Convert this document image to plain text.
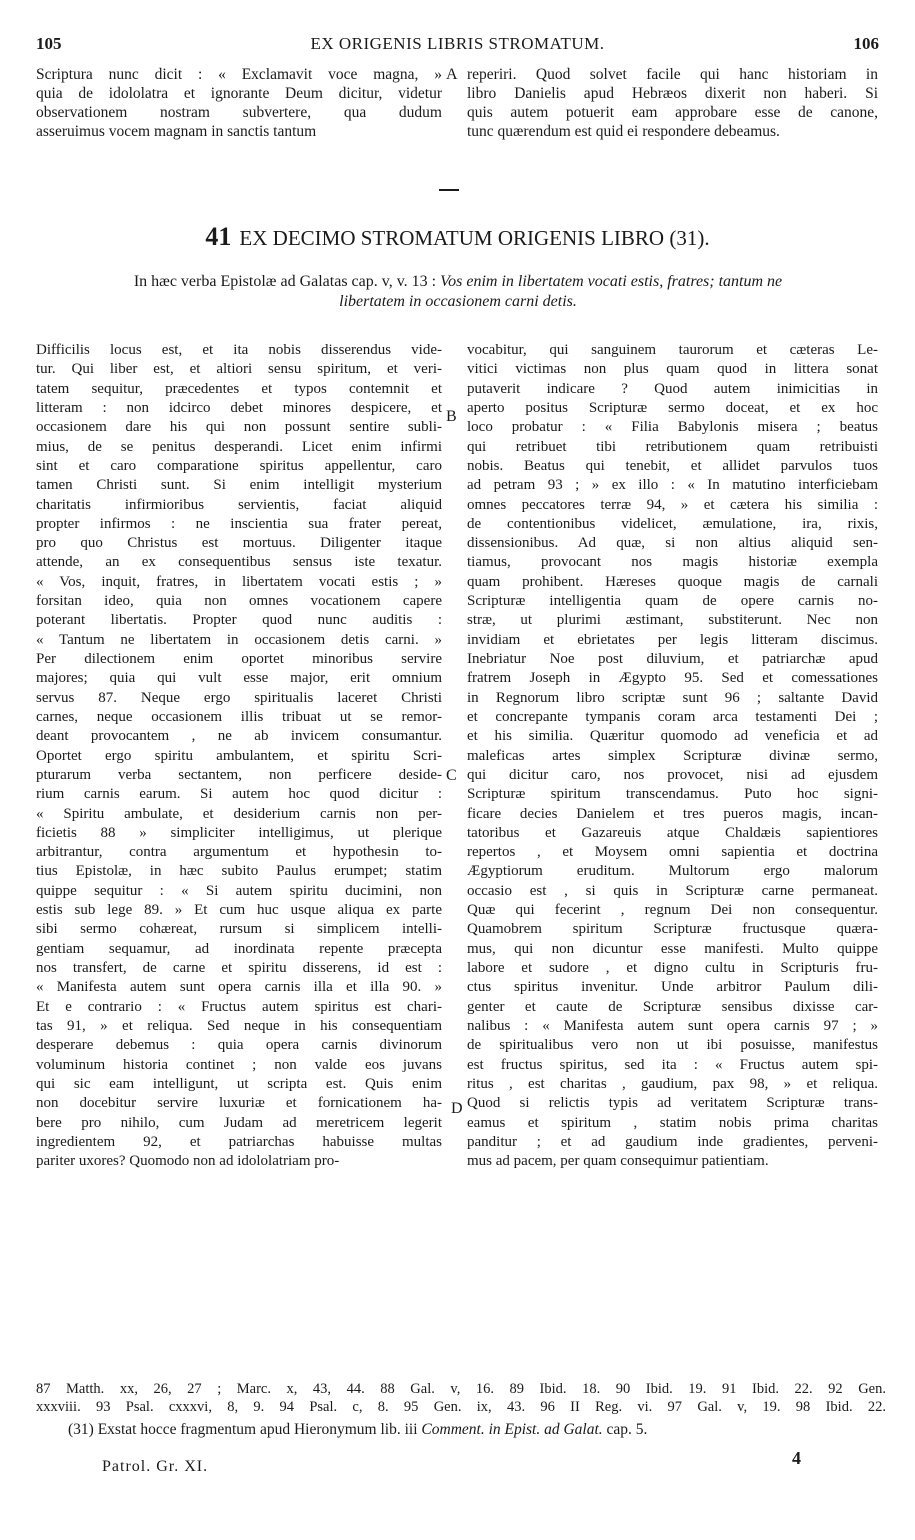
105	EX ORIGENIS LIBRIS STROMATUM.	106
Scriptura nunc dicit : « Exclamavit voce magna, »
quia de idololatra et ignorante Deum dicitur, videtur
observationem nostram subvertere, qua dudum
asseruimus vocem magnam in sanctis tantum
reperiri. Quod solvet facile qui hanc historiam in
libro Danielis apud Hebræos dixerit non haberi. Si
quis autem potuerit eam approbare esse de canone,
tunc quærendum est quid ei respondere debeamus.
A
41 EX DECIMO STROMATUM ORIGENIS LIBRO (31).
In hæc verba Epistolæ ad Galatas cap. v, v. 13 : Vos enim in libertatem vocati estis, fratres; tantum ne
libertatem in occasionem carni detis.
Difficilis locus est, et ita nobis disserendus vide-
tur. Qui liber est, et altiori sensu spiritum, et veri-
tatem sequitur, præcedentes et typos contemnit et
litteram : non idcirco debet minores despicere, et
occasionem dare his qui non possunt sentire subli-
mius, de se penitus desperandi. Licet enim infirmi
sint et caro comparatione spiritus appellentur, caro
tamen Christi sunt. Si enim intelligit mysterium
charitatis infirmioribus servientis, faciat aliquid
propter infirmos : ne inscientia sua frater pereat,
pro quo Christus est mortuus. Diligenter itaque
attende, an ex consequentibus sensus iste texatur.
« Vos, inquit, fratres, in libertatem vocati estis ; »
forsitan ideo, quia non omnes vocationem capere
poterant libertatis. Propter quod nunc auditis :
« Tantum ne libertatem in occasionem detis carni. »
Per dilectionem enim oportet minoribus servire
majores; quia qui vult esse major, erit omnium
servus 87. Neque ergo spiritualis laceret Christi
carnes, neque occasionem illis tribuat ut se remor-
deant provocantem , ne ab invicem consumantur.
Oportet ergo spiritu ambulantem, et spiritu Scri-
pturarum verba sectantem, non perficere deside-
rium carnis earum. Si autem hoc quod dicitur :
« Spiritu ambulate, et desiderium carnis non per-
ficietis 88 » simpliciter intelligimus, ut plerique
arbitrantur, contra argumentum et hypothesin to-
tius Epistolæ, in hæc subito Paulus erumpet; statim
quippe sequitur : « Si autem spiritu ducimini, non
estis sub lege 89. » Et cum huc usque aliqua ex parte
sibi sermo cohæreat, rursum si simplicem intelli-
gentiam sequamur, ad inordinata repente præcepta
nos transfert, de carne et spiritu disserens, id est :
« Manifesta autem sunt opera carnis illa et illa 90. »
Et e contrario : « Fructus autem spiritus est chari-
tas 91, » et reliqua. Sed neque in his consequentiam
desperare debemus : quia opera carnis divinorum
voluminum historia continet ; non valde eos juvans
qui sic eam intelligunt, ut scripta est. Quis enim
non docebitur servire luxuriæ et fornicationem ha-
bere pro nihilo, cum Judam ad meretricem legerit
ingredientem 92, et patriarchas habuisse multas
pariter uxores? Quomodo non ad idololatriam pro-
vocabitur, qui sanguinem taurorum et cæteras Le-
vitici victimas non plus quam quod in littera sonat
putaverit indicare ? Quod autem inimicitias in
aperto positus Scripturæ sermo doceat, et ex hoc
loco probatur : « Filia Babylonis misera ; beatus
qui retribuet tibi retributionem quam retribuisti
nobis. Beatus qui tenebit, et allidet parvulos tuos
ad petram 93 ; » ex illo : « In matutino interficiebam
omnes peccatores terræ 94, » et cætera his similia :
de contentionibus videlicet, æmulatione, ira, rixis,
dissensionibus. Ad quæ, si non altius aliquid sen-
tiamus, provocant nos magis historiæ exempla
quam prohibent. Hæreses quoque magis de carnali
Scripturæ intelligentia quam de opere carnis no-
stræ, ut plurimi æstimant, substiterunt. Nec non
invidiam et ebrietates per legis litteram discimus.
Inebriatur Noe post diluvium, et patriarchæ apud
fratrem Joseph in Ægypto 95. Sed et comessationes
in Regnorum libro scriptæ sunt 96 ; saltante David
et concrepante tympanis coram arca testamenti Dei ;
et his similia. Quæritur quomodo ad veneficia et ad
maleficas artes simplex Scripturæ divinæ sermo,
qui dicitur caro, nos provocet, nisi ad ejusdem
Scripturæ spiritum transcendamus. Puto hoc signi-
ficare decies Danielem et tres pueros magis, incan-
tatoribus et Gazareuis atque Chaldæis sapientiores
repertos , et Moysem omni sapientia et doctrina
Ægyptiorum eruditum. Multorum ergo malorum
occasio est , si quis in Scripturæ carne permaneat.
Quæ qui fecerint , regnum Dei non consequentur.
Quamobrem spiritum Scripturæ fructusque quæra-
mus, qui non dicuntur esse manifesti. Multo quippe
labore et sudore , et digno cultu in Scripturis fru-
ctus spiritus invenitur. Unde arbitror Paulum dili-
genter et caute de Scripturæ sensibus dixisse car-
nalibus : « Manifesta autem sunt opera carnis 97 ; »
de spiritualibus vero non ut ibi posuisse, manifestus
est fructus spiritus, sed ita : « Fructus autem spi-
ritus , est charitas , gaudium, pax 98, » et reliqua.
Quod si relictis typis ad veritatem Scripturæ trans-
eamus et spiritum , statim nobis prima charitas
panditur ; et ad gaudium inde gradientes, perveni-
mus ad pacem, per quam consequimur patientiam.
B
C
D
87 Matth. xx, 26, 27 ; Marc. x, 43, 44. 88 Gal. v, 16. 89 Ibid. 18. 90 Ibid. 19. 91 Ibid. 22. 92 Gen.
xxxviii. 93 Psal. cxxxvi, 8, 9. 94 Psal. c, 8. 95 Gen. ix, 43. 96 II Reg. vi. 97 Gal. v, 19. 98 Ibid. 22.
(31) Exstat hocce fragmentum apud Hieronymum lib. iii Comment. in Epist. ad Galat. cap. 5.
Patrol. Gr. XI.	4
